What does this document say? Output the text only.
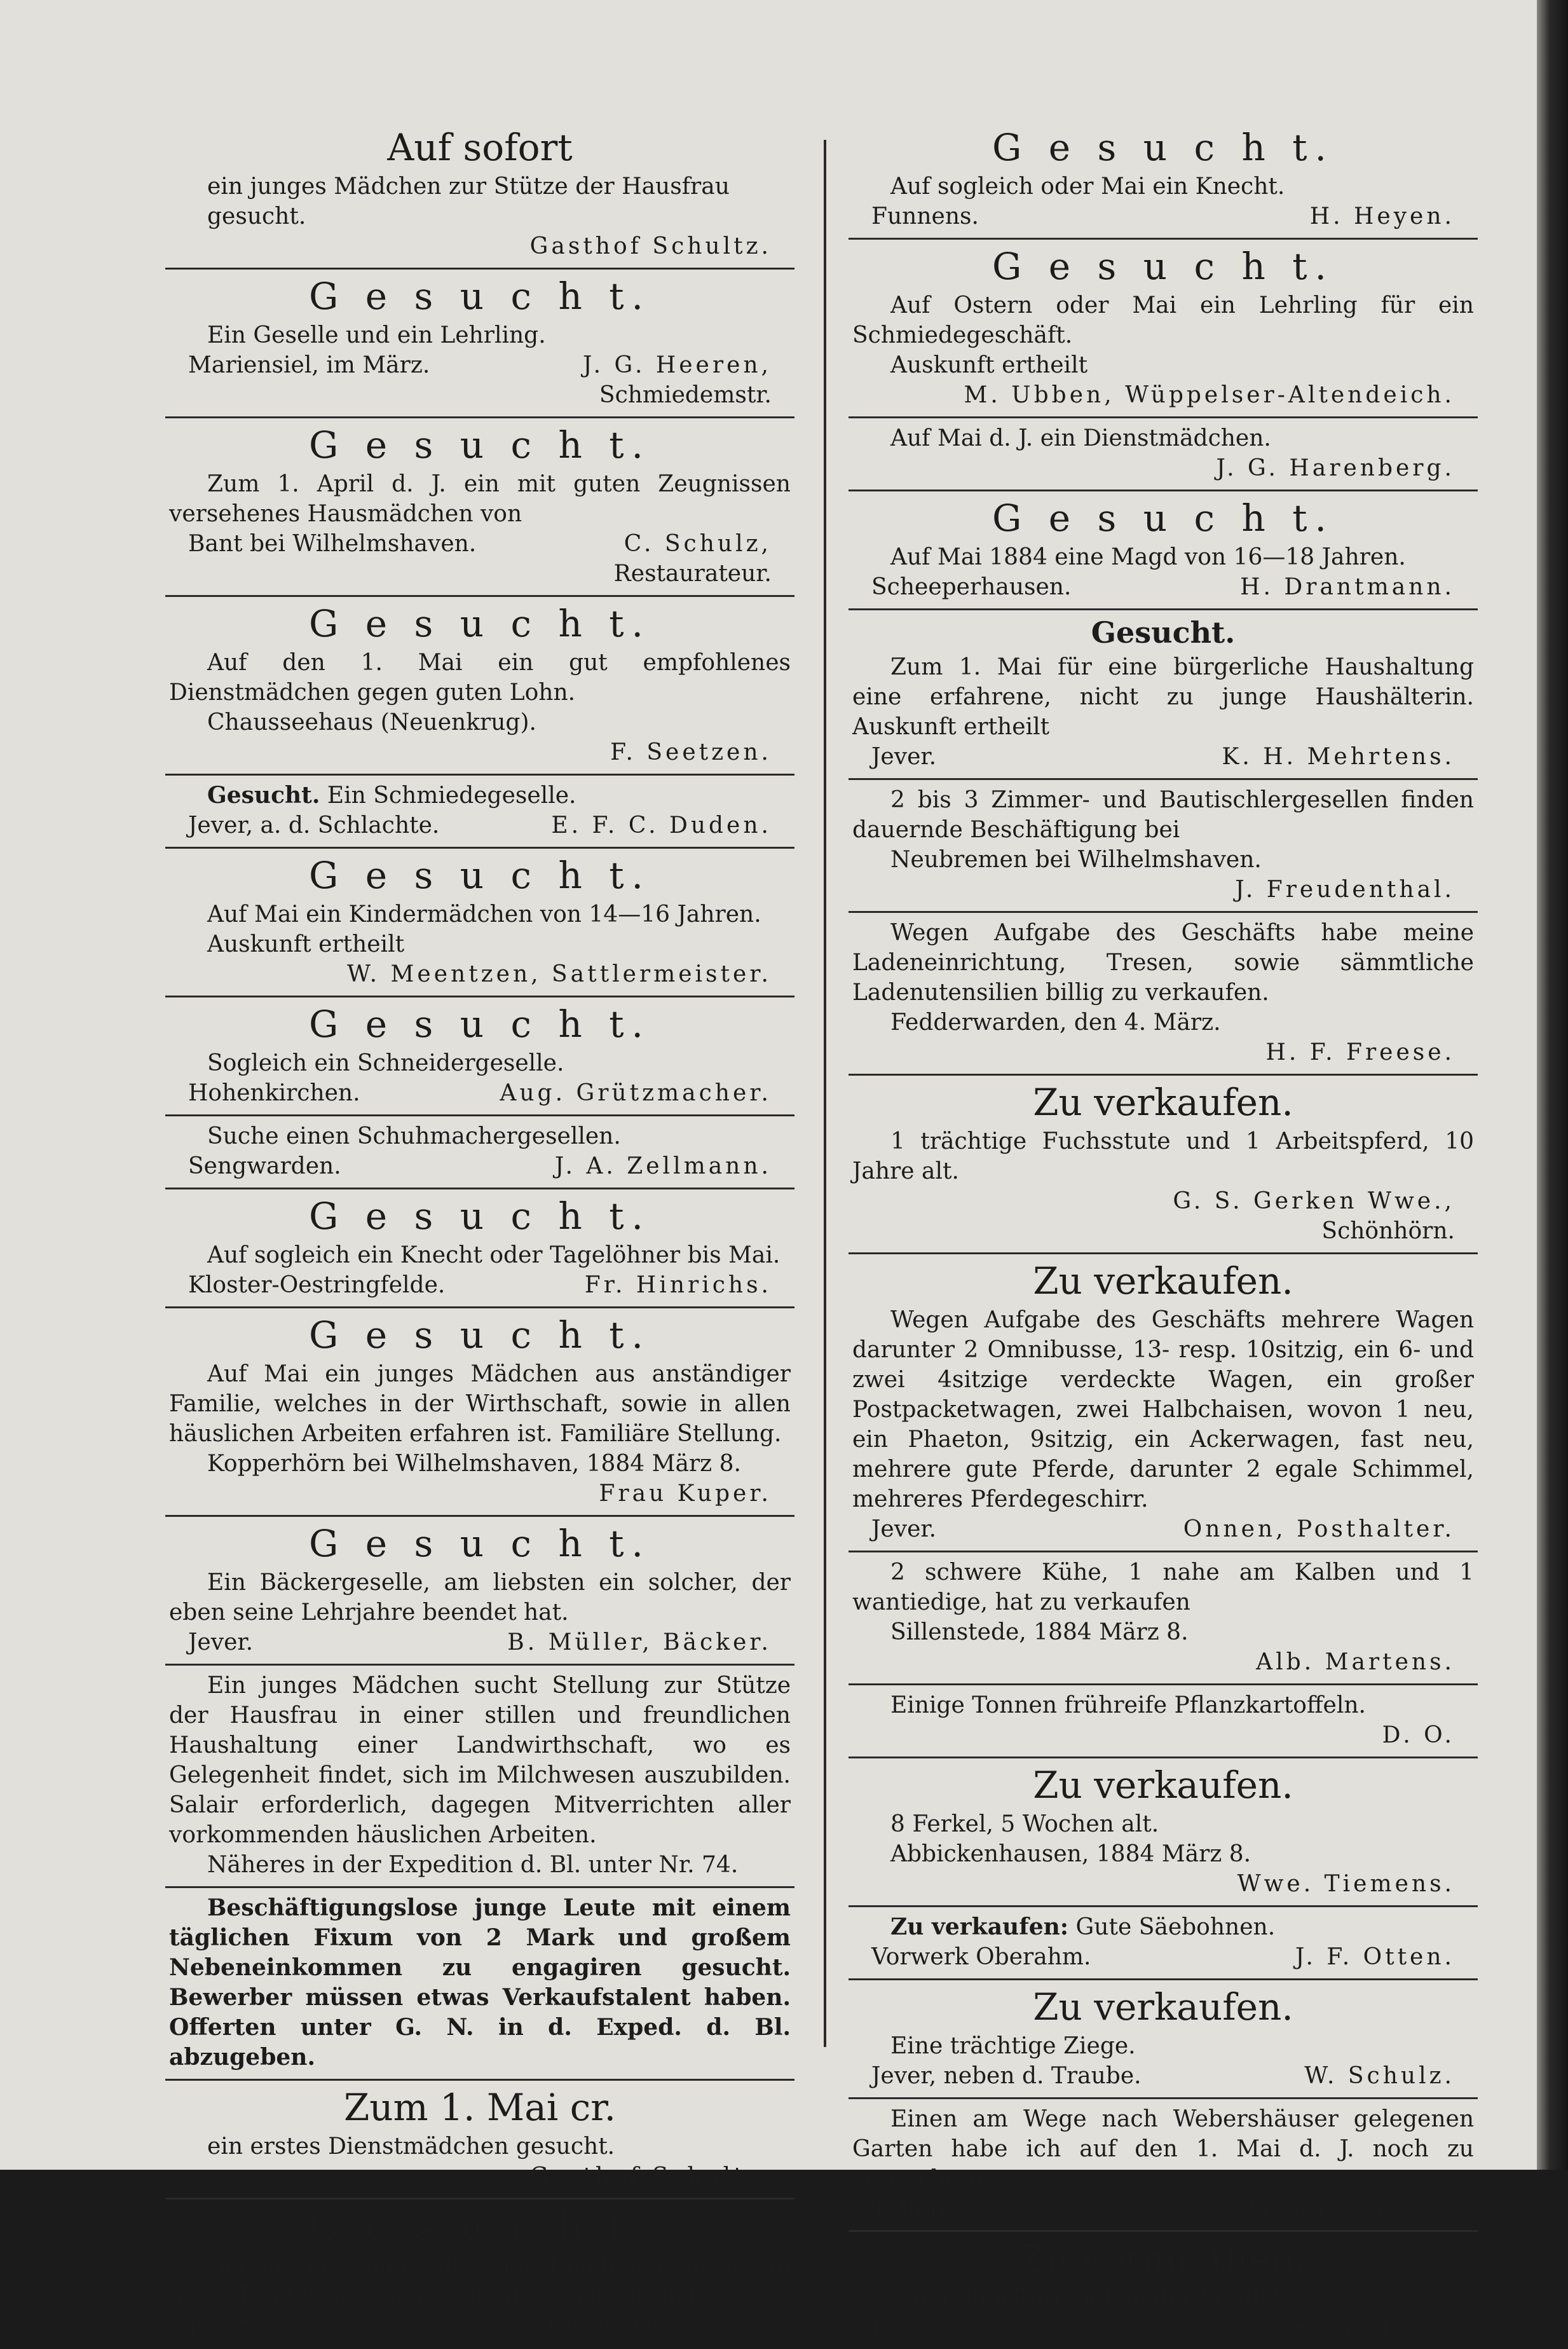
Auf sofort

ein junges Mädchen zur Stütze der Hausfrau gesucht.

Gasthof Schultz.
G e s u c h t.

Ein Geselle und ein Lehrling.

Mariensiel, im März.	J. G. Heeren,

Schmiedemstr.

G e s u c h t.

Zum 1. April d. J. ein mit guten Zeugnissen versehenes Hausmädchen von

Bant bei Wilhelmshaven.	C. Schulz,

Restaurateur.

G e s u c h t.

Auf den 1. Mai ein gut empfohlenes Dienstmädchen gegen guten Lohn.

Chausseehaus (Neuenkrug).

F. Seetzen.

Gesucht. Ein Schmiedegeselle.

Jever, a. d. Schlachte.	E. F. C. Duden.
G e s u c h t.

Auf Mai ein Kindermädchen von 14—16 Jahren.

Auskunft ertheilt

W. Meentzen, Sattlermeister.
G e s u c h t.

Sogleich ein Schneidergeselle.

Hohenkirchen.	Aug. Grützmacher.

Suche einen Schuhmachergesellen.

Sengwarden.	J. A. Zellmann.
G e s u c h t.

Auf sogleich ein Knecht oder Tagelöhner bis Mai.

Kloster-Oestringfelde.	Fr. Hinrichs.
G e s u c h t.

Auf Mai ein junges Mädchen aus anständiger Familie, welches in der Wirthschaft, sowie in allen häuslichen Arbeiten erfahren ist. Familiäre Stellung.

Kopperhörn bei Wilhelmshaven, 1884 März 8.

Frau Kuper.
G e s u c h t.

Ein Bäckergeselle, am liebsten ein solcher, der eben seine Lehrjahre beendet hat.

Jever.	B. Müller, Bäcker.

Ein junges Mädchen sucht Stellung zur Stütze der Hausfrau in einer stillen und freundlichen Haushaltung einer Landwirthschaft, wo es Gelegenheit findet, sich im Milchwesen auszubilden. Salair erforderlich, dagegen Mitverrichten aller vorkommenden häuslichen Arbeiten.

Näheres in der Expedition d. Bl. unter Nr. 74.

Beschäftigungslose junge Leute mit einem täglichen Fixum von 2 Mark und großem Nebeneinkommen zu engagiren gesucht. Bewerber müssen etwas Verkaufstalent haben. Offerten unter G. N. in d. Exped. d. Bl. abzugeben.

Zum 1. Mai cr.

ein erstes Dienstmädchen gesucht.

Gasthof Schultz.
G e s u c h t.

Gegen Mai einige gute Dienstmädchen, sowie ein gutes Kindermädchen. Zeugnisse erforderlich.

Jever.	Frau Alverichs.
G e s u c h t.

Auf sogleich oder Mai ein Knecht.

Funnens.	H. Heyen.
G e s u c h t.

Auf Ostern oder Mai ein Lehrling für ein Schmiedegeschäft.

Auskunft ertheilt

M. Ubben, Wüppelser-Altendeich.

Auf Mai d. J. ein Dienstmädchen.

J. G. Harenberg.
G e s u c h t.

Auf Mai 1884 eine Magd von 16—18 Jahren.

Scheeperhausen.	H. Drantmann.
Gesucht.

Zum 1. Mai für eine bürgerliche Haushaltung eine erfahrene, nicht zu junge Haushälterin. Auskunft ertheilt

Jever.	K. H. Mehrtens.

2 bis 3 Zimmer- und Bautischlergesellen finden dauernde Beschäftigung bei

Neubremen bei Wilhelmshaven.

J. Freudenthal.

Wegen Aufgabe des Geschäfts habe meine Ladeneinrichtung, Tresen, sowie sämmtliche Ladenutensilien billig zu verkaufen.

Fedderwarden, den 4. März.

H. F. Freese.
Zu verkaufen.

1 trächtige Fuchsstute und 1 Arbeitspferd, 10 Jahre alt.

G. S. Gerken Wwe.,

Schönhörn.

Zu verkaufen.

Wegen Aufgabe des Geschäfts mehrere Wagen darunter 2 Omnibusse, 13- resp. 10sitzig, ein 6- und zwei 4sitzige verdeckte Wagen, ein großer Postpacketwagen, zwei Halbchaisen, wovon 1 neu, ein Phaeton, 9sitzig, ein Ackerwagen, fast neu, mehrere gute Pferde, darunter 2 egale Schimmel, mehreres Pferdegeschirr.

Jever.	Onnen, Posthalter.

2 schwere Kühe, 1 nahe am Kalben und 1 wantiedige, hat zu verkaufen

Sillenstede, 1884 März 8.

Alb. Martens.

Einige Tonnen frühreife Pflanzkartoffeln.

D. O.
Zu verkaufen.

8 Ferkel, 5 Wochen alt.

Abbickenhausen, 1884 März 8.

Wwe. Tiemens.

Zu verkaufen: Gute Säebohnen.

Vorwerk Oberahm.	J. F. Otten.
Zu verkaufen.

Eine trächtige Ziege.

Jever, neben d. Traube.	W. Schulz.

Einen am Wege nach Webershäuser gelegenen Garten habe ich auf den 1. Mai d. J. noch zu verpachten.

Tettens.	Pastor Focken.
Zu vermiethen.

Moor zum Torfstich in der Wiedel.

Jever.	H. Siefken.
